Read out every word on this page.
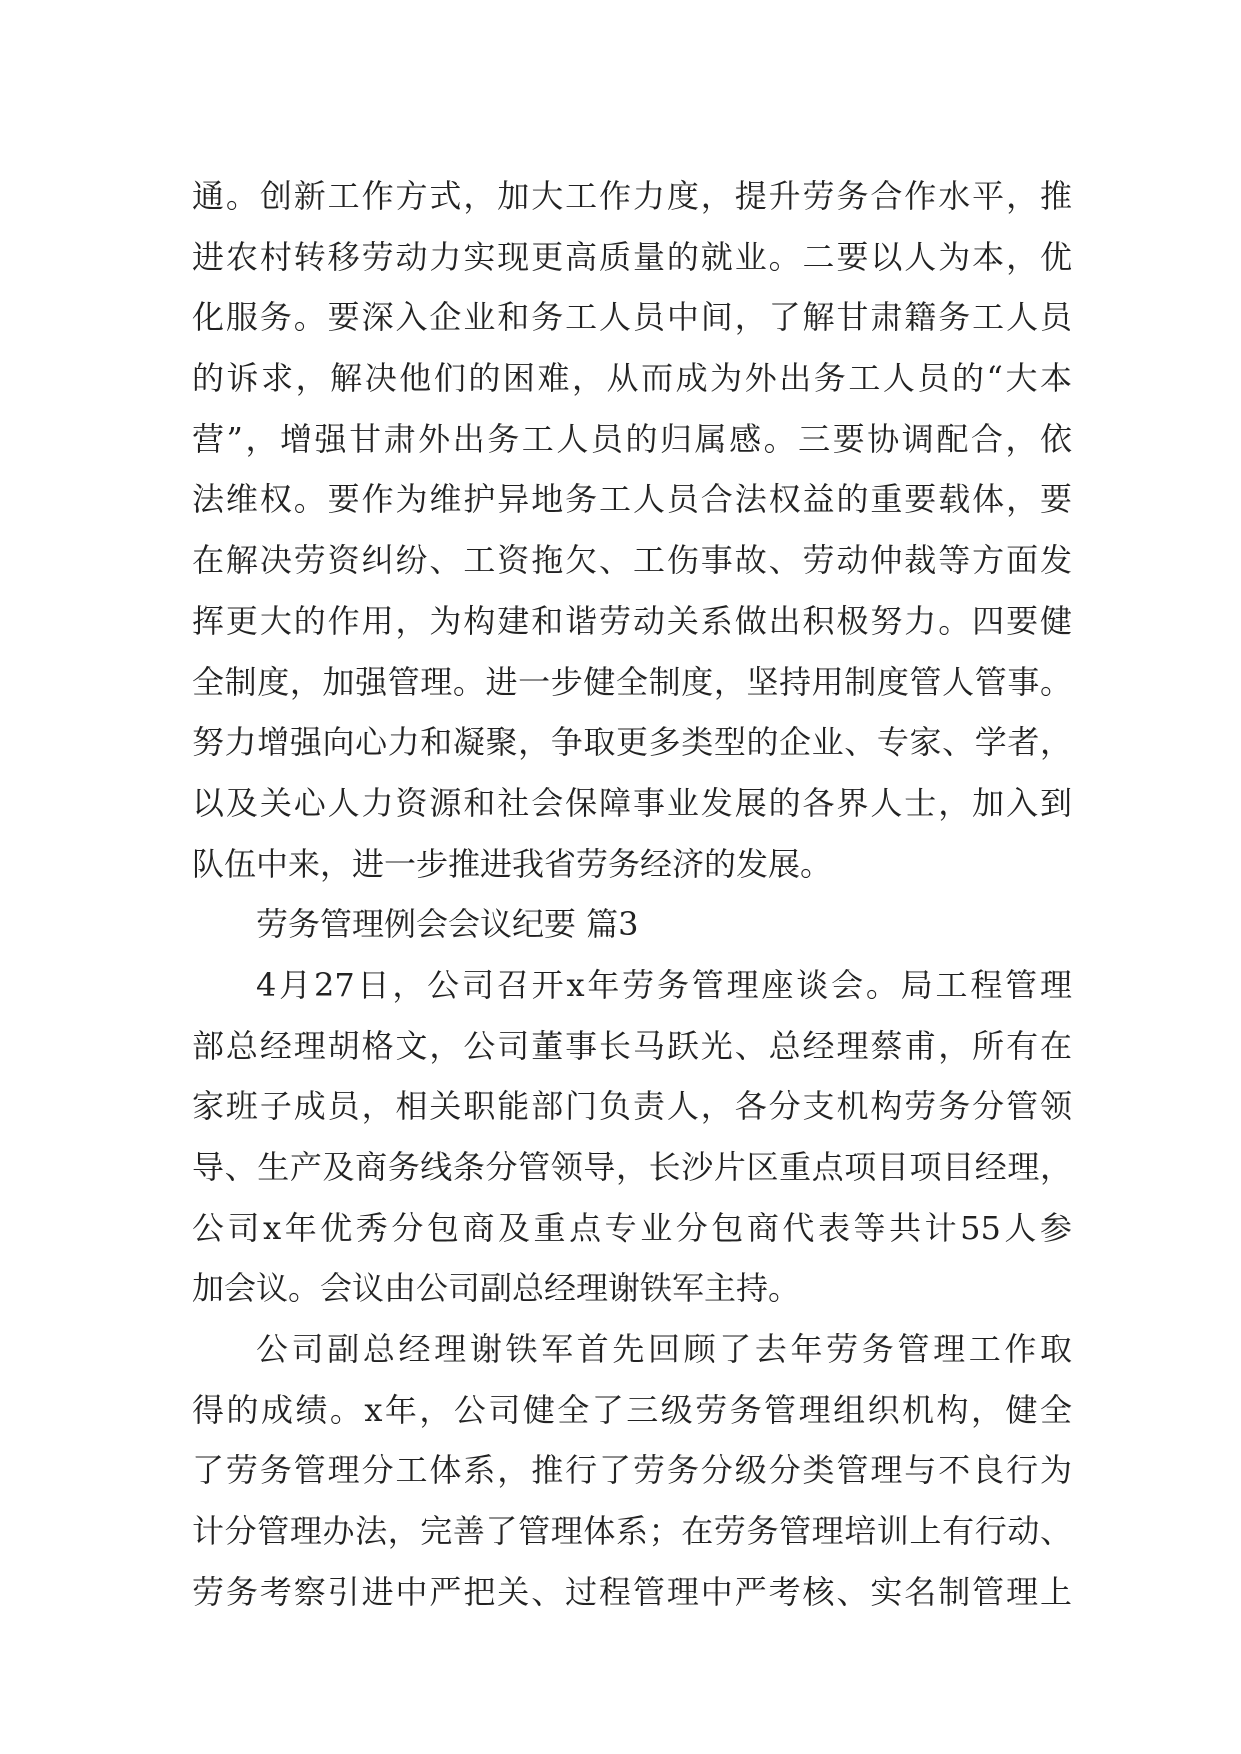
通。创新工作方式，加大工作力度，提升劳务合作水平，推
进农村转移劳动力实现更高质量的就业。二要以人为本，优
化服务。要深入企业和务工人员中间，了解甘肃籍务工人员
的诉求，解决他们的困难，从而成为外出务工人员的“大本
营”，增强甘肃外出务工人员的归属感。三要协调配合，依
法维权。要作为维护异地务工人员合法权益的重要载体，要
在解决劳资纠纷、工资拖欠、工伤事故、劳动仲裁等方面发
挥更大的作用，为构建和谐劳动关系做出积极努力。四要健
全制度，加强管理。进一步健全制度，坚持用制度管人管事。
努力增强向心力和凝聚，争取更多类型的企业、专家、学者，
以及关心人力资源和社会保障事业发展的各界人士，加入到
队伍中来，进一步推进我省劳务经济的发展。
劳务管理例会会议纪要 篇3
4月27日，公司召开x年劳务管理座谈会。局工程管理
部总经理胡格文，公司董事长马跃光、总经理蔡甫，所有在
家班子成员，相关职能部门负责人，各分支机构劳务分管领
导、生产及商务线条分管领导，长沙片区重点项目项目经理，
公司x年优秀分包商及重点专业分包商代表等共计55人参
加会议。会议由公司副总经理谢铁军主持。
公司副总经理谢铁军首先回顾了去年劳务管理工作取
得的成绩。x年，公司健全了三级劳务管理组织机构，健全
了劳务管理分工体系，推行了劳务分级分类管理与不良行为
计分管理办法，完善了管理体系；在劳务管理培训上有行动、
劳务考察引进中严把关、过程管理中严考核、实名制管理上
